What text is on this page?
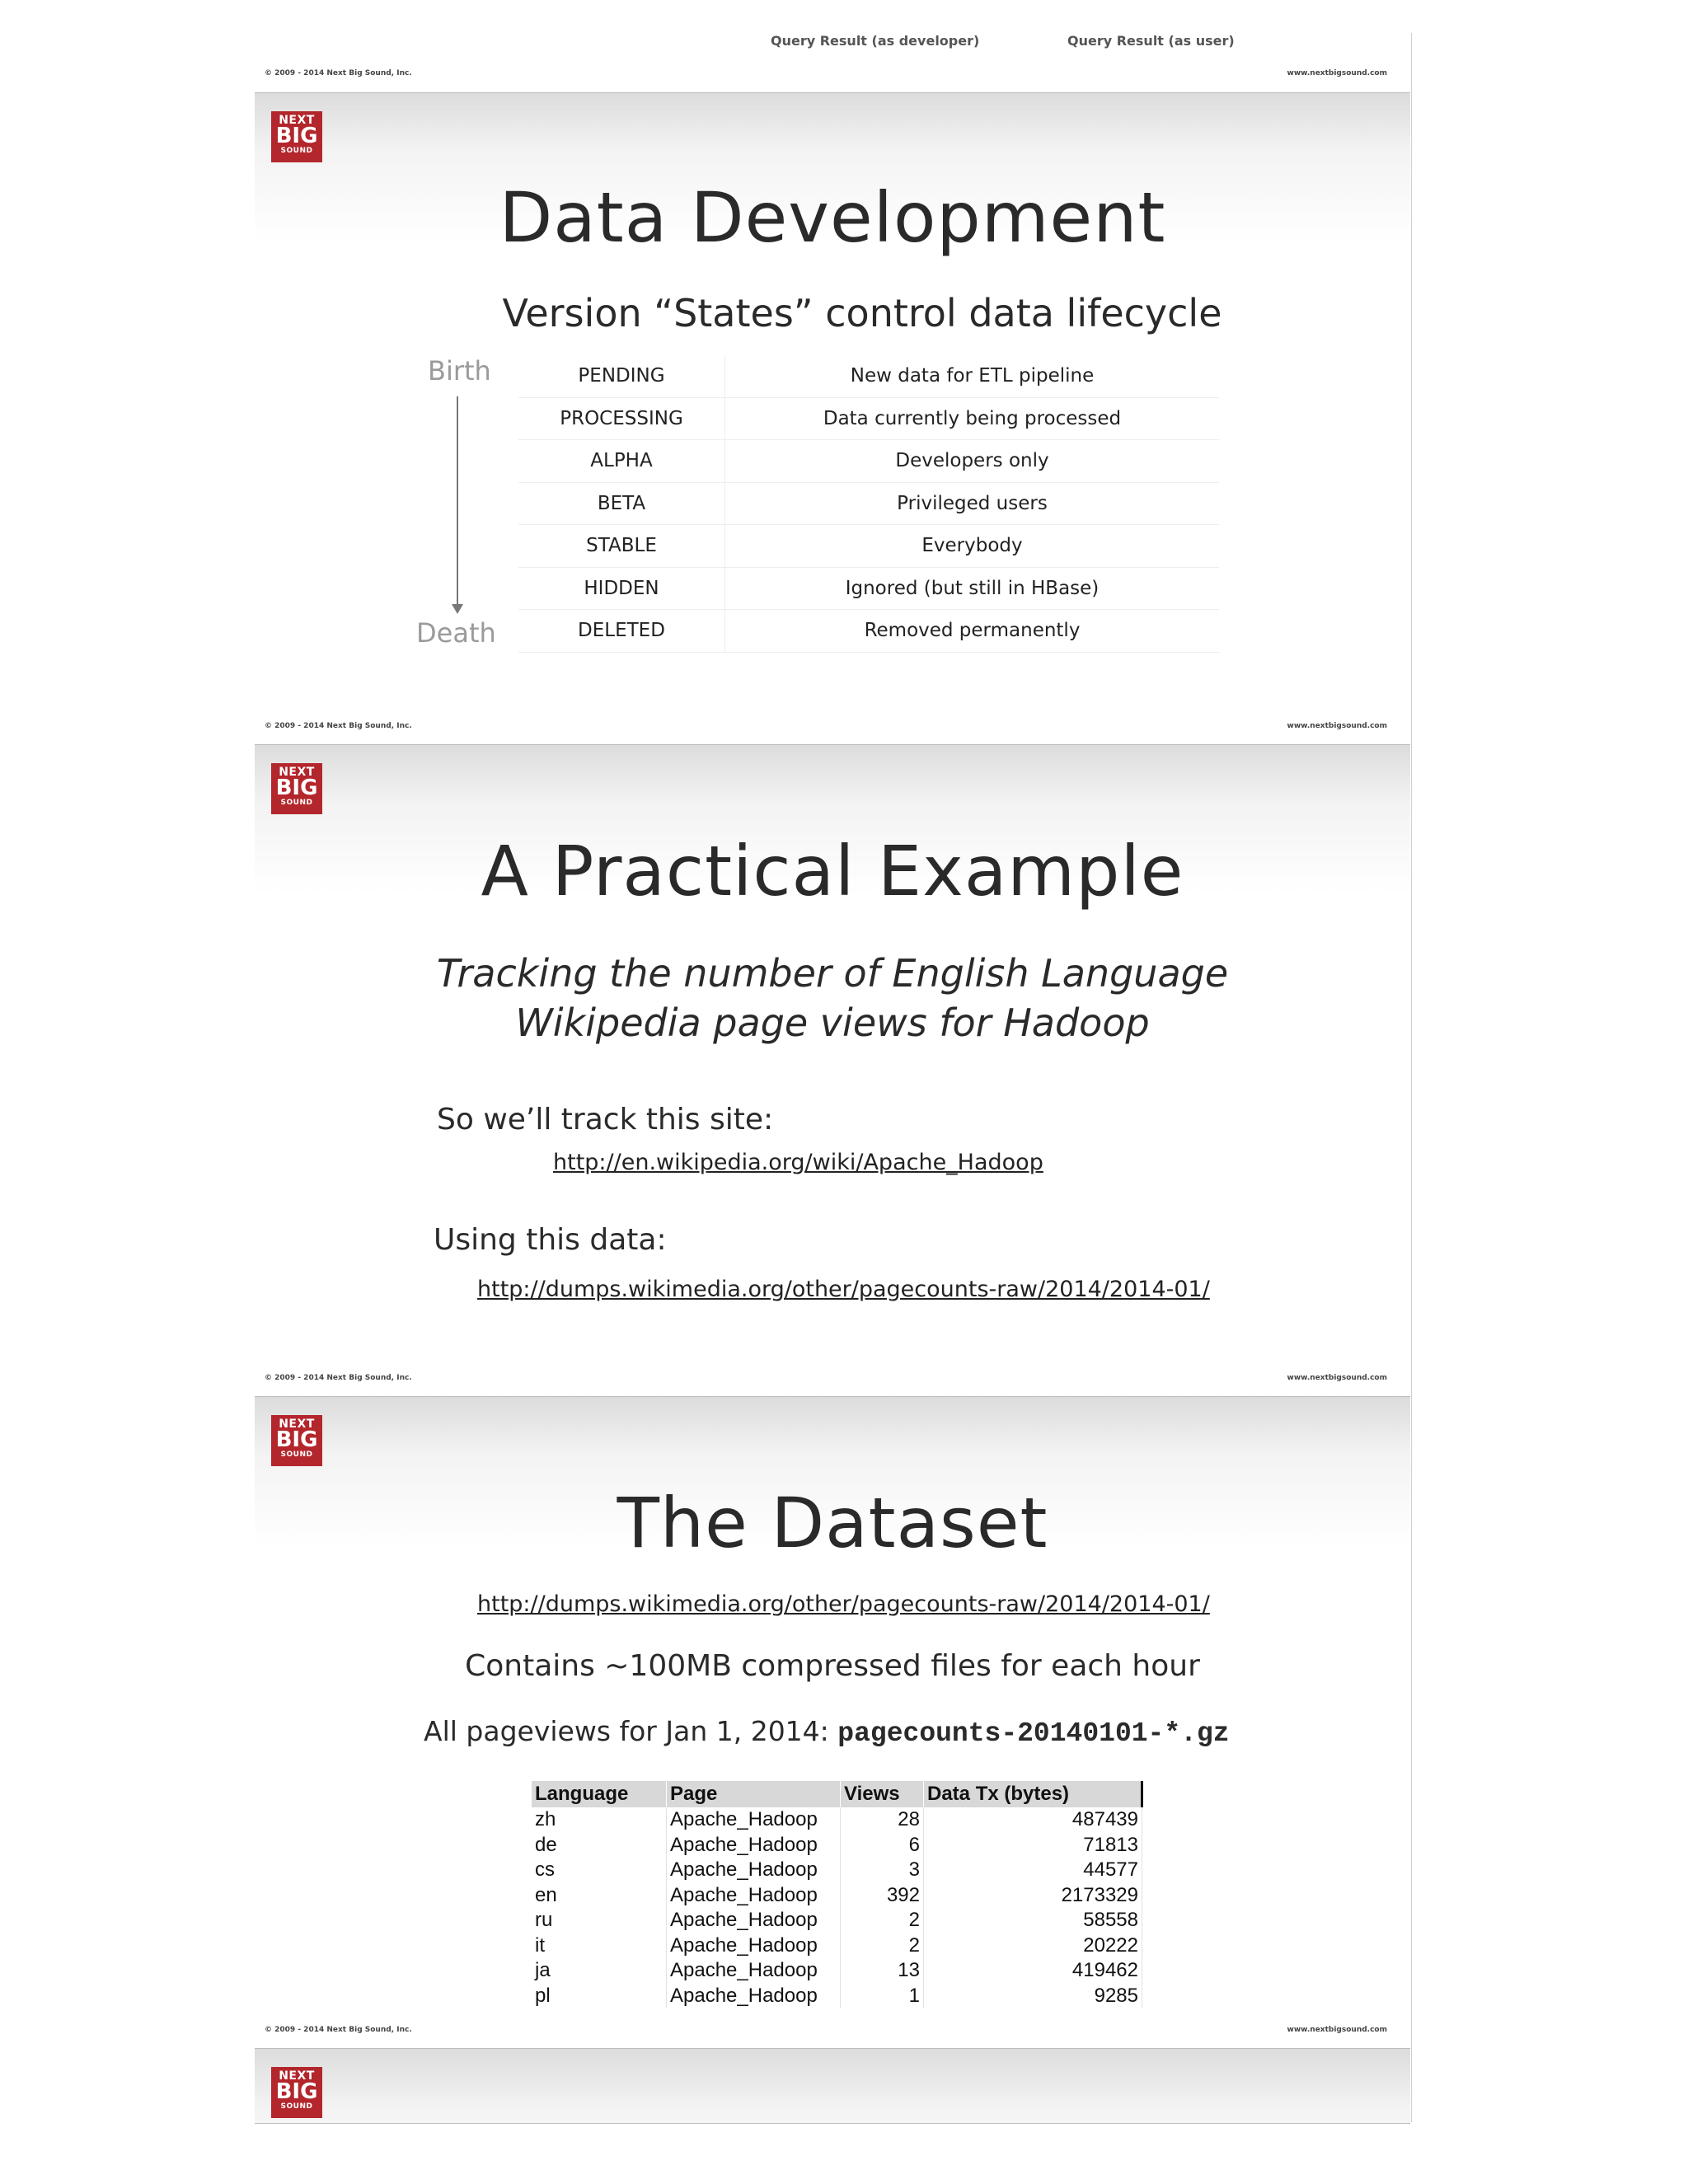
Query Result (as developer)	Query Result (as user)
© 2009 - 2014 Next Big Sound, Inc.	www.nextbigsound.com
NEXT
BIG
SOUND
Data Development
Version “States” control data lifecycle
Birth
Death
PENDING	New data for ETL pipeline
PROCESSING	Data currently being processed
ALPHA	Developers only
BETA	Privileged users
STABLE	Everybody
HIDDEN	Ignored (but still in HBase)
DELETED	Removed permanently
© 2009 - 2014 Next Big Sound, Inc.	www.nextbigsound.com
NEXT
BIG
SOUND
A Practical Example
Tracking the number of English Language
Wikipedia page views for Hadoop
So we’ll track this site:
http://en.wikipedia.org/wiki/Apache_Hadoop
Using this data:
http://dumps.wikimedia.org/other/pagecounts-raw/2014/2014-01/
© 2009 - 2014 Next Big Sound, Inc.	www.nextbigsound.com
NEXT
BIG
SOUND
The Dataset
http://dumps.wikimedia.org/other/pagecounts-raw/2014/2014-01/
Contains ~100MB compressed files for each hour
All pageviews for Jan 1, 2014: pagecounts-20140101-*.gz
Language	Page	Views	Data Tx (bytes)
zh	Apache_Hadoop	28	487439
de	Apache_Hadoop	6	71813
cs	Apache_Hadoop	3	44577
en	Apache_Hadoop	392	2173329
ru	Apache_Hadoop	2	58558
it	Apache_Hadoop	2	20222
ja	Apache_Hadoop	13	419462
pl	Apache_Hadoop	1	9285
© 2009 - 2014 Next Big Sound, Inc.	www.nextbigsound.com
NEXT
BIG
SOUND
